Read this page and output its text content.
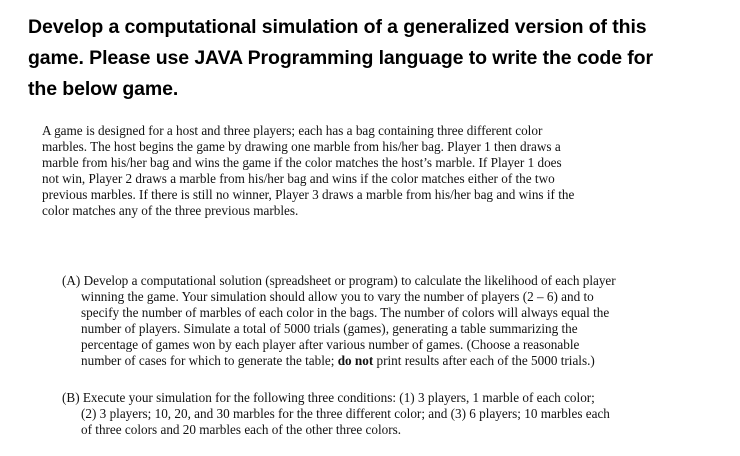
Develop a computational simulation of a generalized version of this
game. Please use JAVA Programming language to write the code for
the below game.
A game is designed for a host and three players; each has a bag containing three different color
marbles. The host begins the game by drawing one marble from his/her bag. Player 1 then draws a
marble from his/her bag and wins the game if the color matches the host’s marble. If Player 1 does
not win, Player 2 draws a marble from his/her bag and wins if the color matches either of the two
previous marbles. If there is still no winner, Player 3 draws a marble from his/her bag and wins if the
color matches any of the three previous marbles.
(A) Develop a computational solution (spreadsheet or program) to calculate the likelihood of each player
winning the game. Your simulation should allow you to vary the number of players (2 – 6) and to
specify the number of marbles of each color in the bags. The number of colors will always equal the
number of players. Simulate a total of 5000 trials (games), generating a table summarizing the
percentage of games won by each player after various number of games. (Choose a reasonable
number of cases for which to generate the table; do not print results after each of the 5000 trials.)
(B) Execute your simulation for the following three conditions: (1) 3 players, 1 marble of each color;
(2) 3 players; 10, 20, and 30 marbles for the three different color; and (3) 6 players; 10 marbles each
of three colors and 20 marbles each of the other three colors.
